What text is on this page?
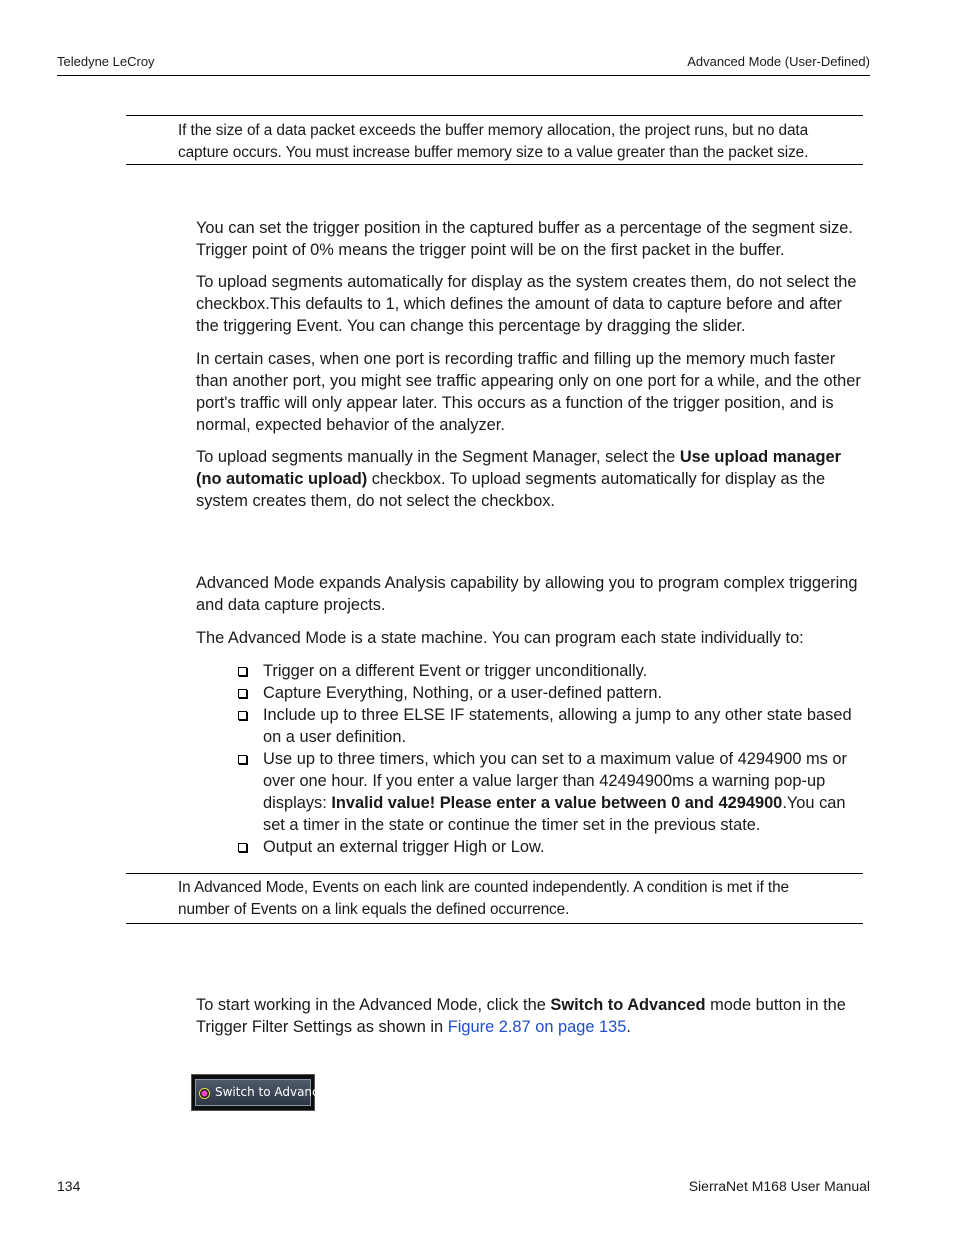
Teledyne LeCroy	Advanced Mode (User-Defined)

If the size of a data packet exceeds the buffer memory allocation, the project runs, but no data

capture occurs. You must increase buffer memory size to a value greater than the packet size.

You can set the trigger position in the captured buffer as a percentage of the segment size. Trigger point of 0% means the trigger point will be on the first packet in the buffer.

To upload segments automatically for display as the system creates them, do not select the checkbox.This defaults to 1, which defines the amount of data to capture before and after the triggering Event. You can change this percentage by dragging the slider.

In certain cases, when one port is recording traffic and filling up the memory much faster than another port, you might see traffic appearing only on one port for a while, and the other port's traffic will only appear later. This occurs as a function of the trigger position, and is normal, expected behavior of the analyzer.

To upload segments manually in the Segment Manager, select the Use upload manager (no automatic upload) checkbox. To upload segments automatically for display as the system creates them, do not select the checkbox.

Advanced Mode expands Analysis capability by allowing you to program complex triggering and data capture projects.

The Advanced Mode is a state machine. You can program each state individually to:

Trigger on a different Event or trigger unconditionally.
Capture Everything, Nothing, or a user-defined pattern.
Include up to three ELSE IF statements, allowing a jump to any other state based on a user definition.
Use up to three timers, which you can set to a maximum value of 4294900 ms or over one hour. If you enter a value larger than 42494900ms a warning pop-up displays: Invalid value! Please enter a value between 0 and 4294900.You can set a timer in the state or continue the timer set in the previous state.
Output an external trigger High or Low.

In Advanced Mode, Events on each link are counted independently. A condition is met if the

number of Events on a link equals the defined occurrence.

To start working in the Advanced Mode, click the Switch to Advanced mode button in the Trigger Filter Settings as shown in Figure 2.87 on page 135.

Switch to Advance
134	SierraNet M168 User Manual
